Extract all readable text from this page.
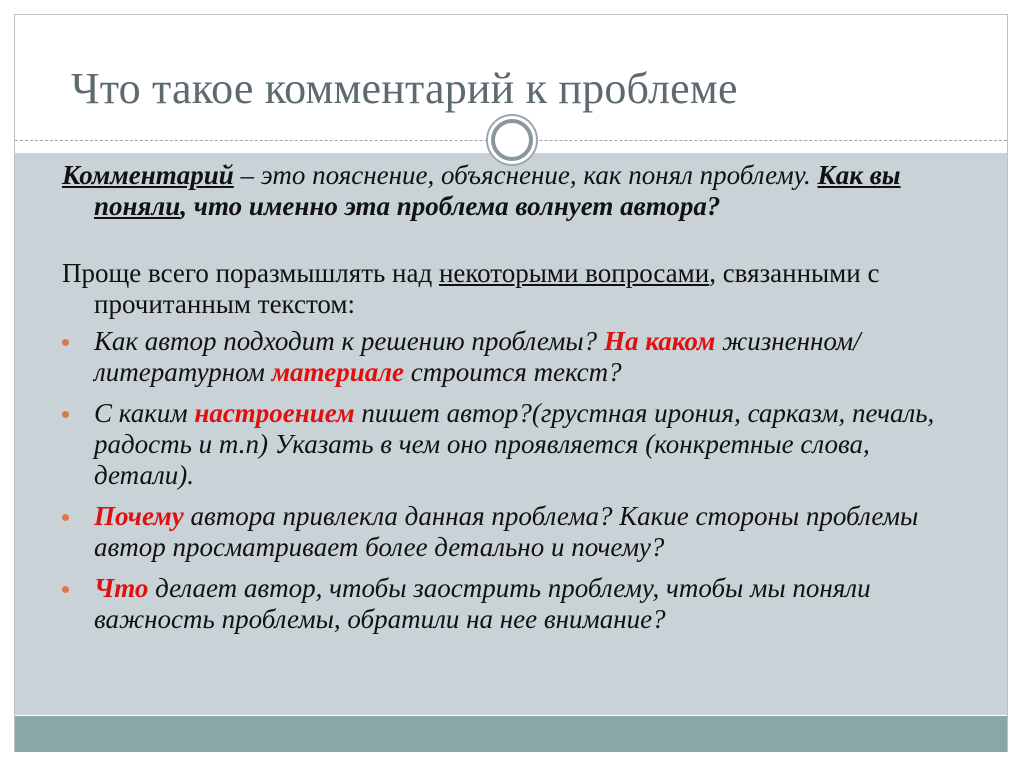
Что такое комментарий к проблеме

Комментарий – это пояснение, объяснение, как понял проблему. Как вы поняли, что именно эта проблема волнует автора?

Проще всего поразмышлять над некоторыми вопросами, связанными с прочитанным текстом:

Как автор подходит к решению проблемы? На каком жизненном/литературном материале строится текст?
С каким настроением пишет автор?(грустная ирония, сарказм, печаль, радость и т.п) Указать в чем оно проявляется (конкретные слова, детали).
Почему автора привлекла данная проблема? Какие стороны проблемы автор просматривает более детально и почему?
Что делает автор, чтобы заострить проблему, чтобы мы поняли важность проблемы, обратили на нее внимание?
